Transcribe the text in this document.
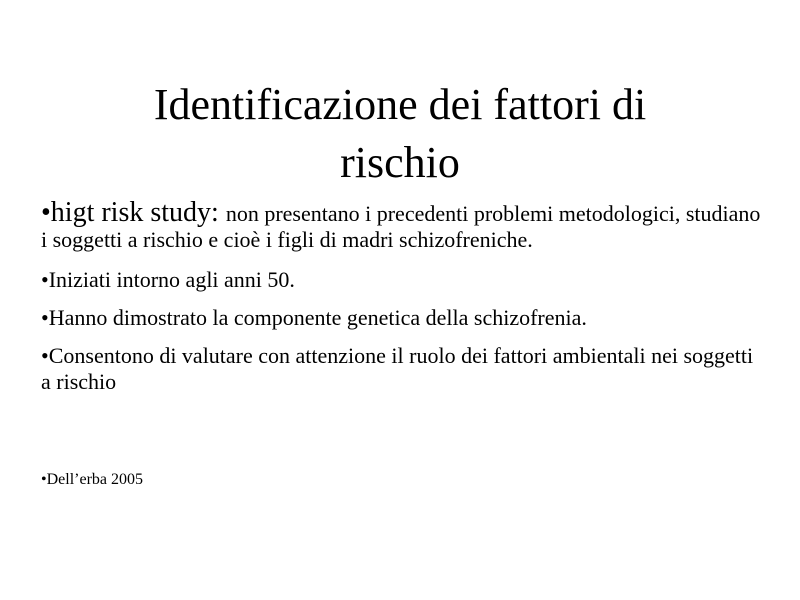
Identificazione dei fattori di
rischio

•higt risk study: non presentano i precedenti problemi metodologici, studiano i soggetti a rischio e cioè i figli di madri schizofreniche.

•Iniziati intorno agli anni 50.

•Hanno dimostrato la componente genetica della schizofrenia.

•Consentono di valutare con attenzione il ruolo dei fattori ambientali nei soggetti a rischio

•Dell’erba 2005
